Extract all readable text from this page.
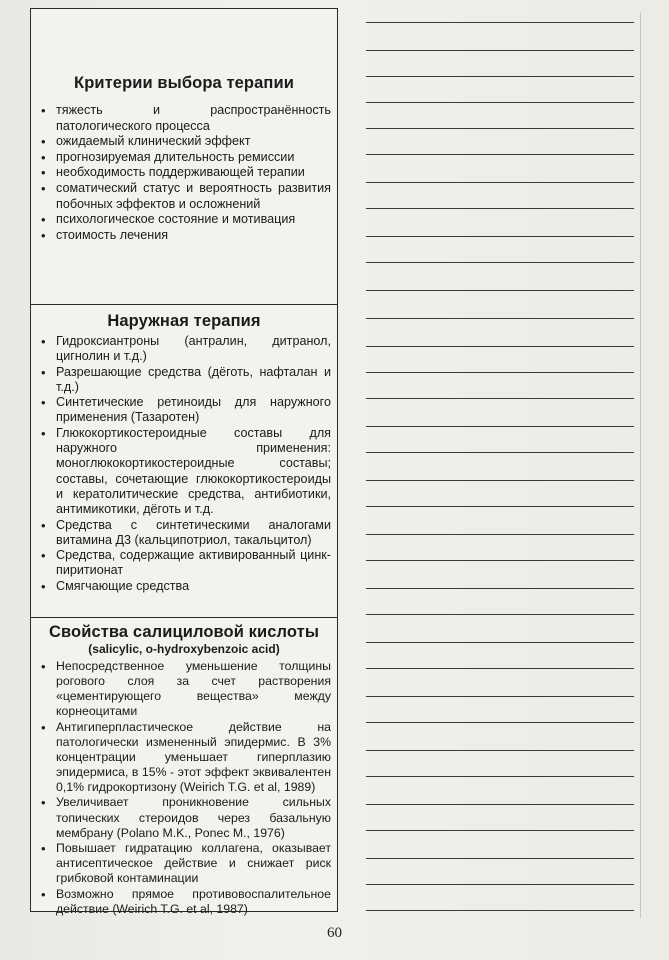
Критерии выбора терапии
• тяжесть и распространённость патологического процесса
• ожидаемый клинический эффект
• прогнозируемая длительность ремиссии
• необходимость поддерживающей терапии
• соматический статус и вероятность развития побочных эффектов и осложнений
• психологическое состояние и мотивация
• стоимость лечения
Наружная терапия
• Гидроксиантроны (антралин, дитранол, цигнолин и т.д.)
• Разрешающие средства (дёготь, нафталан и т.д.)
• Синтетические ретиноиды для наружного применения (Тазаротен)
• Глюкокортикостероидные составы для наружного применения: моноглюкокортикостероидные составы; составы, сочетающие глюкокортикостероиды и кератолитические средства, антибиотики, антимикотики, дёготь и т.д.
• Средства с синтетическими аналогами витамина Д3 (кальципотриол, такальцитол)
• Средства, содержащие активированный цинк-пиритионат
• Смягчающие средства
Свойства салициловой кислоты
(salicylic, o-hydroxybenzoic acid)
• Непосредственное уменьшение толщины рогового слоя за счет растворения «цементирующего вещества» между корнеоцитами
• Антигиперпластическое действие на патологически измененный эпидермис. В 3% концентрации уменьшает гиперплазию эпидермиса, в 15% - этот эффект эквивалентен 0,1% гидрокортизону (Weirich T.G. et al, 1989)
• Увеличивает проникновение сильных топических стероидов через базальную мембрану (Polano M.K., Ponec M., 1976)
• Повышает гидратацию коллагена, оказывает антисептическое действие и снижает риск грибковой контаминации
• Возможно прямое противовоспалительное действие (Weirich T.G. et al, 1987)

60
